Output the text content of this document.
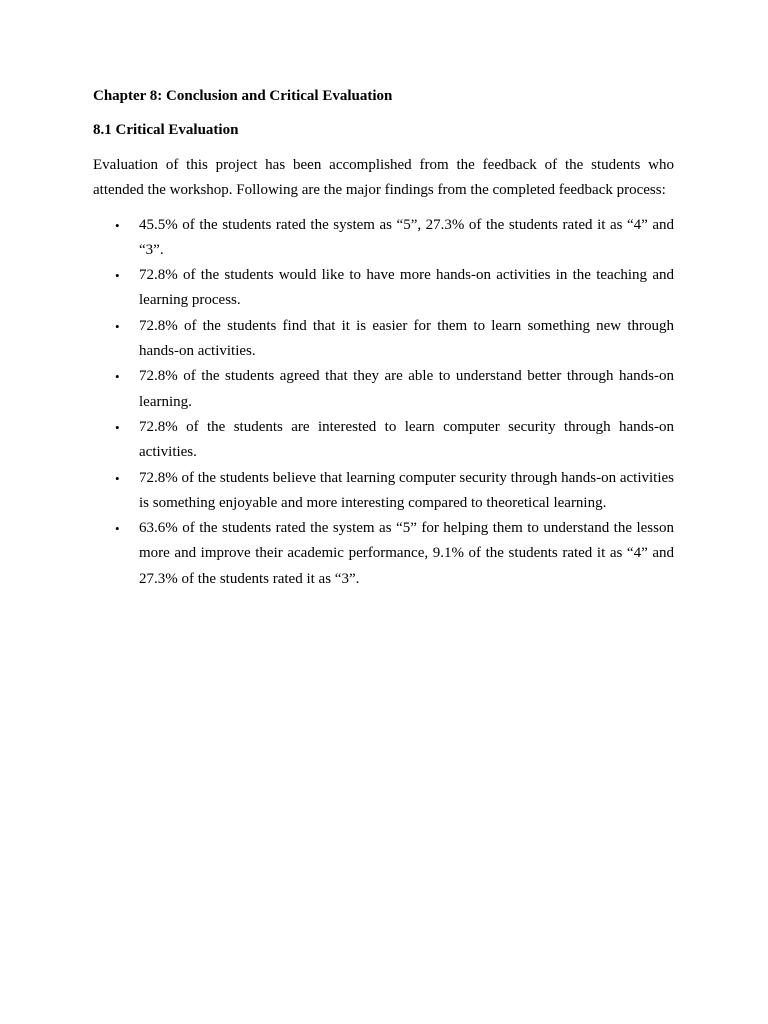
Chapter 8: Conclusion and Critical Evaluation

8.1 Critical Evaluation

Evaluation of this project has been accomplished from the feedback of the students who attended the workshop. Following are the major findings from the completed feedback process:

• 45.5% of the students rated the system as “5”, 27.3% of the students rated it as “4” and “3”.
• 72.8% of the students would like to have more hands-on activities in the teaching and learning process.
• 72.8% of the students find that it is easier for them to learn something new through hands-on activities.
• 72.8% of the students agreed that they are able to understand better through hands-on learning.
• 72.8% of the students are interested to learn computer security through hands-on activities.
• 72.8% of the students believe that learning computer security through hands-on activities is something enjoyable and more interesting compared to theoretical learning.
• 63.6% of the students rated the system as “5” for helping them to understand the lesson more and improve their academic performance, 9.1% of the students rated it as “4” and 27.3% of the students rated it as “3”.
